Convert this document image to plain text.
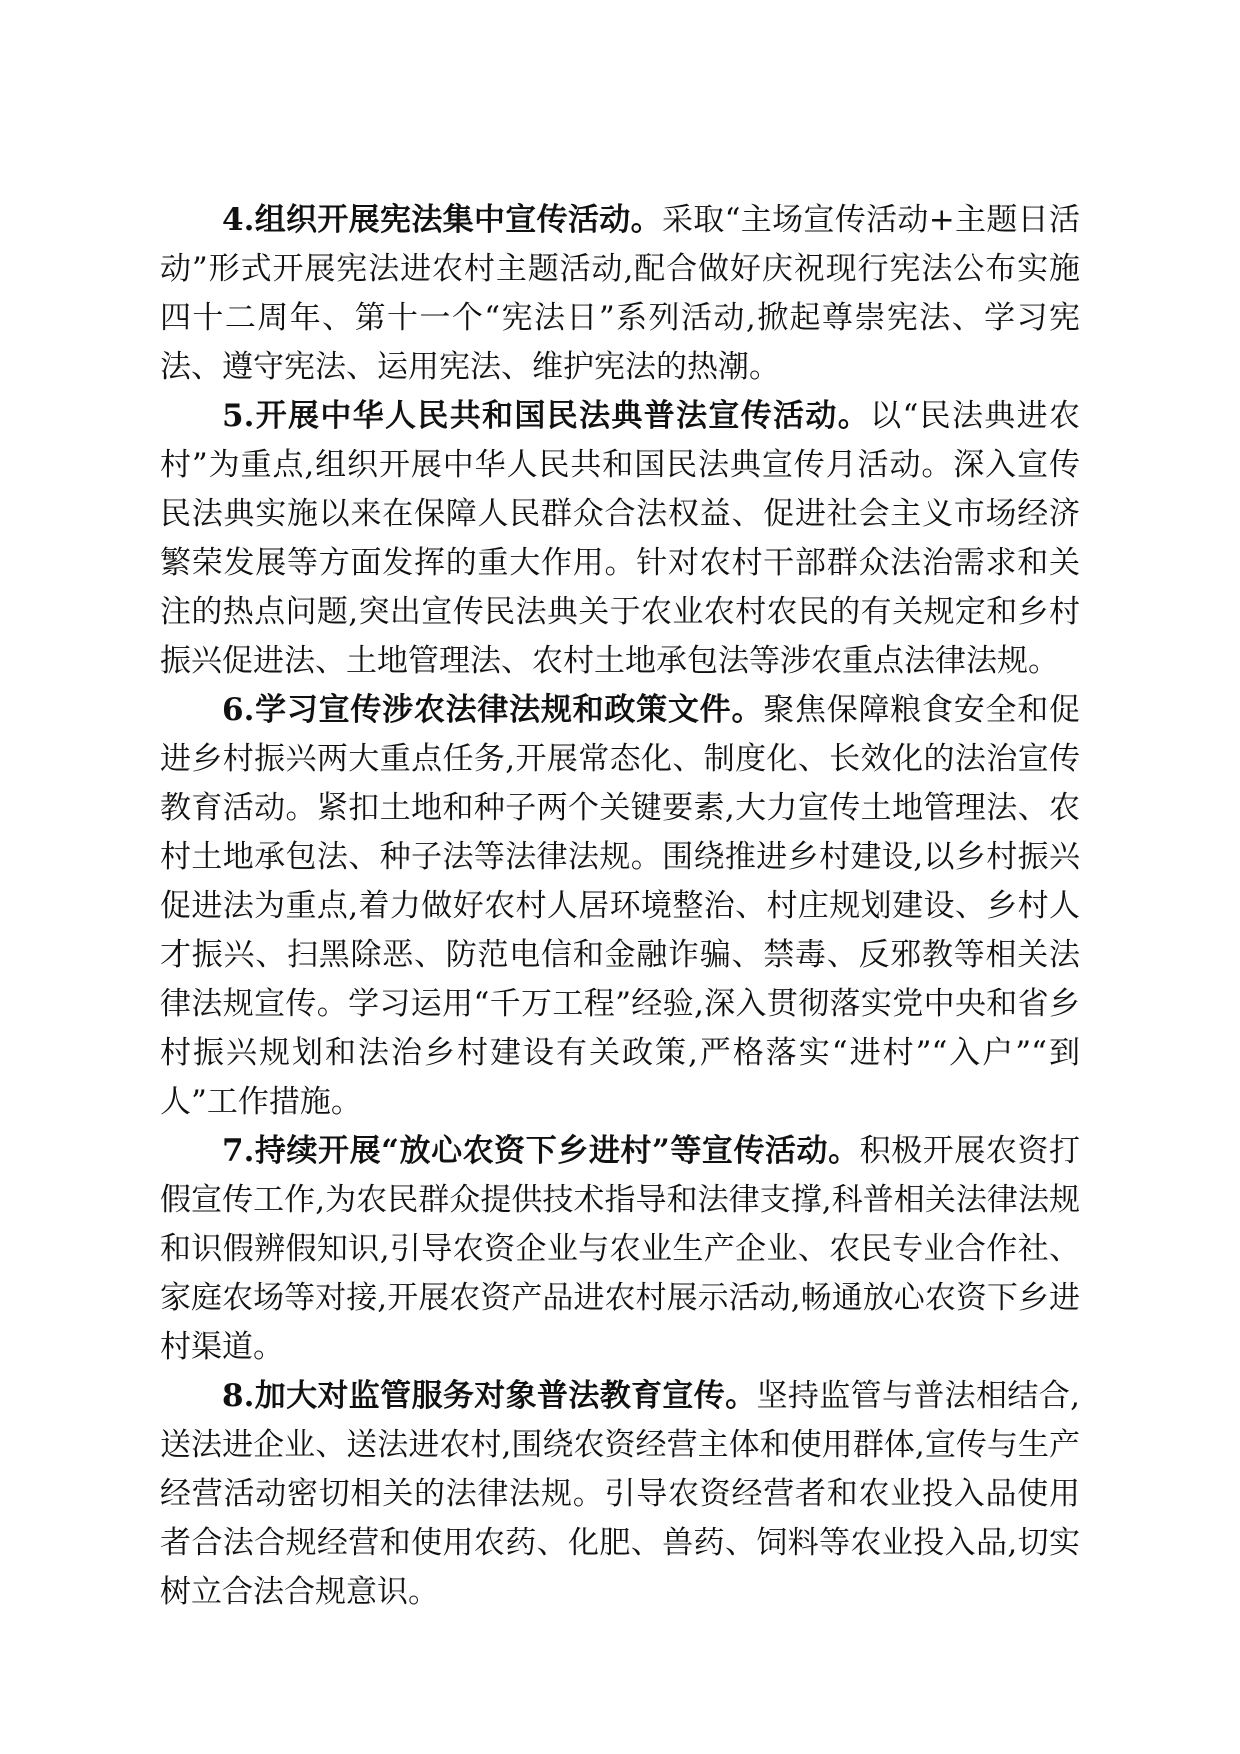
4.组织开展宪法集中宣传活动。采取“主场宣传活动+主题日活动”形式开展宪法进农村主题活动,配合做好庆祝现行宪法公布实施四十二周年、第十一个“宪法日”系列活动,掀起尊崇宪法、学习宪法、遵守宪法、运用宪法、维护宪法的热潮。

5.开展中华人民共和国民法典普法宣传活动。以“民法典进农村”为重点,组织开展中华人民共和国民法典宣传月活动。深入宣传民法典实施以来在保障人民群众合法权益、促进社会主义市场经济繁荣发展等方面发挥的重大作用。针对农村干部群众法治需求和关注的热点问题,突出宣传民法典关于农业农村农民的有关规定和乡村振兴促进法、土地管理法、农村土地承包法等涉农重点法律法规。

6.学习宣传涉农法律法规和政策文件。聚焦保障粮食安全和促进乡村振兴两大重点任务,开展常态化、制度化、长效化的法治宣传教育活动。紧扣土地和种子两个关键要素,大力宣传土地管理法、农村土地承包法、种子法等法律法规。围绕推进乡村建设,以乡村振兴促进法为重点,着力做好农村人居环境整治、村庄规划建设、乡村人才振兴、扫黑除恶、防范电信和金融诈骗、禁毒、反邪教等相关法律法规宣传。学习运用“千万工程”经验,深入贯彻落实党中央和省乡村振兴规划和法治乡村建设有关政策,严格落实“进村”“入户”“到人”工作措施。

7.持续开展“放心农资下乡进村”等宣传活动。积极开展农资打假宣传工作,为农民群众提供技术指导和法律支撑,科普相关法律法规和识假辨假知识,引导农资企业与农业生产企业、农民专业合作社、家庭农场等对接,开展农资产品进农村展示活动,畅通放心农资下乡进村渠道。

8.加大对监管服务对象普法教育宣传。坚持监管与普法相结合,送法进企业、送法进农村,围绕农资经营主体和使用群体,宣传与生产经营活动密切相关的法律法规。引导农资经营者和农业投入品使用者合法合规经营和使用农药、化肥、兽药、饲料等农业投入品,切实树立合法合规意识。
